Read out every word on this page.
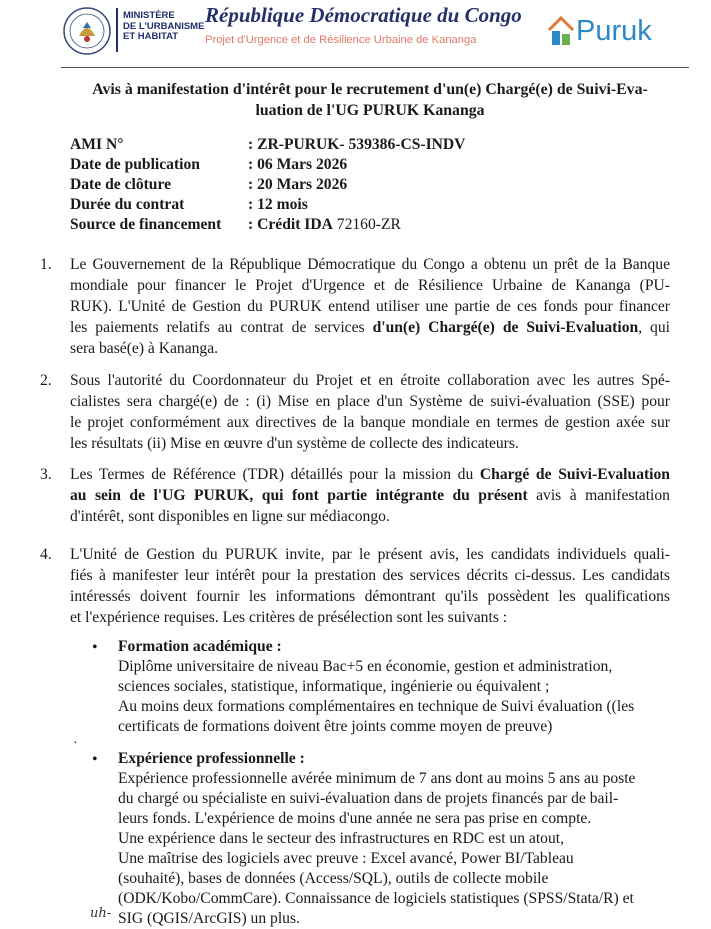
MINISTÈRE
DE L'URBANISME
ET HABITAT
République Démocratique du Congo
Projet d'Urgence et de Résilience Urbaine de Kananga	Puruk
Avis à manifestation d'intérêt pour le recrutement d'un(e) Chargé(e) de Suivi-Eva-
luation de l'UG PURUK Kananga
AMI N°	: ZR-PURUK- 539386-CS-INDV
Date de publication	: 06 Mars 2026
Date de clôture	: 20 Mars 2026
Durée du contrat	: 12 mois
Source de financement : Crédit IDA 72160-ZR
1. Le Gouvernement de la République Démocratique du Congo a obtenu un prêt de la Banque
mondiale pour financer le Projet d'Urgence et de Résilience Urbaine de Kananga (PU-
RUK). L'Unité de Gestion du PURUK entend utiliser une partie de ces fonds pour financer
les paiements relatifs au contrat de services d'un(e) Chargé(e) de Suivi-Evaluation, qui
sera basé(e) à Kananga.
2. Sous l'autorité du Coordonnateur du Projet et en étroite collaboration avec les autres Spé-
cialistes sera chargé(e) de : (i) Mise en place d'un Système de suivi-évaluation (SSE) pour
le projet conformément aux directives de la banque mondiale en termes de gestion axée sur
les résultats (ii) Mise en œuvre d'un système de collecte des indicateurs.
3. Les Termes de Référence (TDR) détaillés pour la mission du Chargé de Suivi-Evaluation
au sein de l'UG PURUK, qui font partie intégrante du présent avis à manifestation
d'intérêt, sont disponibles en ligne sur médiacongo.
4. L'Unité de Gestion du PURUK invite, par le présent avis, les candidats individuels quali-
fiés à manifester leur intérêt pour la prestation des services décrits ci-dessus. Les candidats
intéressés doivent fournir les informations démontrant qu'ils possèdent les qualifications
et l'expérience requises. Les critères de présélection sont les suivants :
• Formation académique :
Diplôme universitaire de niveau Bac+5 en économie, gestion et administration,
sciences sociales, statistique, informatique, ingénierie ou équivalent ;
Au moins deux formations complémentaires en technique de Suivi évaluation ((les
certificats de formations doivent être joints comme moyen de preuve)
·
• Expérience professionnelle :
Expérience professionnelle avérée minimum de 7 ans dont au moins 5 ans au poste
du chargé ou spécialiste en suivi-évaluation dans de projets financés par de bail-
leurs fonds. L'expérience de moins d'une année ne sera pas prise en compte.
Une expérience dans le secteur des infrastructures en RDC est un atout,
Une maîtrise des logiciels avec preuve : Excel avancé, Power BI/Tableau
(souhaité), bases de données (Access/SQL), outils de collecte mobile
(ODK/Kobo/CommCare). Connaissance de logiciels statistiques (SPSS/Stata/R) et
SIG (QGIS/ArcGIS) un plus.
uh-
